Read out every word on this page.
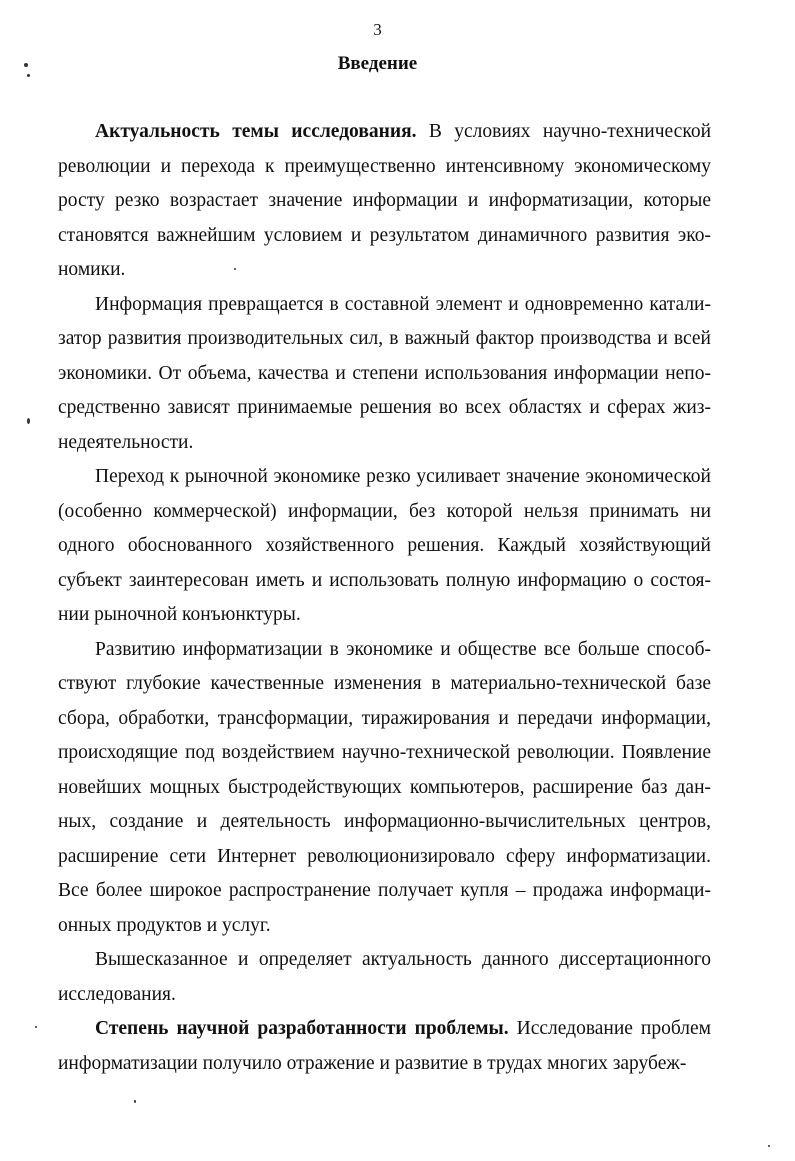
3
Введение

Актуальность темы исследования. В условиях научно-технической революции и перехода к преимущественно интенсивному экономическому росту резко возрастает значение информации и информатизации, которые становятся важнейшим условием и результатом динамичного развития экономики.

Информация превращается в составной элемент и одновременно катализатор развития производительных сил, в важный фактор производства и всей экономики. От объема, качества и степени использования информации непосредственно зависят принимаемые решения во всех областях и сферах жизнедеятельности.

Переход к рыночной экономике резко усиливает значение экономической (особенно коммерческой) информации, без которой нельзя принимать ни одного обоснованного хозяйственного решения. Каждый хозяйствующий субъект заинтересован иметь и использовать полную информацию о состоянии рыночной конъюнктуры.

Развитию информатизации в экономике и обществе все больше способствуют глубокие качественные изменения в материально-технической базе сбора, обработки, трансформации, тиражирования и передачи информации, происходящие под воздействием научно-технической революции. Появление новейших мощных быстродействующих компьютеров, расширение баз данных, создание и деятельность информационно-вычислительных центров, расширение сети Интернет революционизировало сферу информатизации. Все более широкое распространение получает купля – продажа информационных продуктов и услуг.

Вышесказанное и определяет актуальность данного диссертационного исследования.

Степень научной разработанности проблемы. Исследование проблем информатизации получило отражение и развитие в трудах многих зарубеж-
